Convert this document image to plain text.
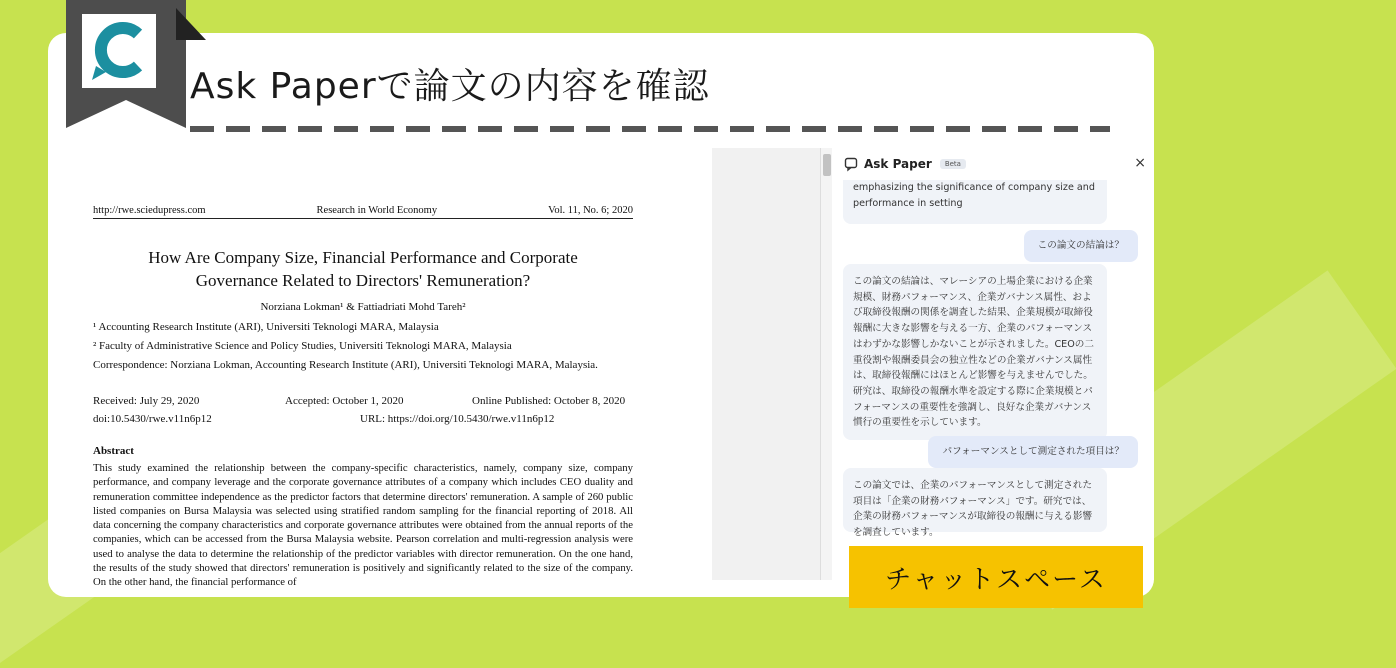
Ask Paperで論文の内容を確認
http://rwe.sciedupress.com	Research in World Economy	Vol. 11, No. 6; 2020
How Are Company Size, Financial Performance and Corporate
Governance Related to Directors' Remuneration?
Norziana Lokman¹ & Fattiadriati Mohd Tareh²
¹ Accounting Research Institute (ARI), Universiti Teknologi MARA, Malaysia
² Faculty of Administrative Science and Policy Studies, Universiti Teknologi MARA, Malaysia
Correspondence: Norziana Lokman, Accounting Research Institute (ARI), Universiti Teknologi MARA, Malaysia.
Received: July 29, 2020	Accepted: October 1, 2020	Online Published: October 8, 2020
doi:10.5430/rwe.v11n6p12	URL: https://doi.org/10.5430/rwe.v11n6p12
Abstract
This study examined the relationship between the company-specific characteristics, namely, company size, company performance, and company leverage and the corporate governance attributes of a company which includes CEO duality and remuneration committee independence as the predictor factors that determine directors' remuneration. A sample of 260 public listed companies on Bursa Malaysia was selected using stratified random sampling for the financial reporting of 2018. All data concerning the company characteristics and corporate governance attributes were obtained from the annual reports of the companies, which can be accessed from the Bursa Malaysia website. Pearson correlation and multi-regression analysis were used to analyse the data to determine the relationship of the predictor variables with director remuneration. On the one hand, the results of the study showed that directors' remuneration is positively and significantly related to the size of the company. On the other hand, the financial performance of
Ask Paper	Beta	×
emphasizing the significance of company size and performance in setting
この論文の結論は？
この論文の結論は、マレーシアの上場企業における企業規模、財務パフォーマンス、企業ガバナンス属性、および取締役報酬の関係を調査した結果、企業規模が取締役報酬に大きな影響を与える一方、企業のパフォーマンスはわずかな影響しかないことが示されました。CEOの二重役割や報酬委員会の独立性などの企業ガバナンス属性は、取締役報酬にはほとんど影響を与えませんでした。研究は、取締役の報酬水準を設定する際に企業規模とパフォーマンスの重要性を強調し、良好な企業ガバナンス慣行の重要性を示しています。
パフォーマンスとして測定された項目は？
この論文では、企業のパフォーマンスとして測定された項目は「企業の財務パフォーマンス」です。研究では、企業の財務パフォーマンスが取締役の報酬に与える影響を調査しています。
チャットスペース
